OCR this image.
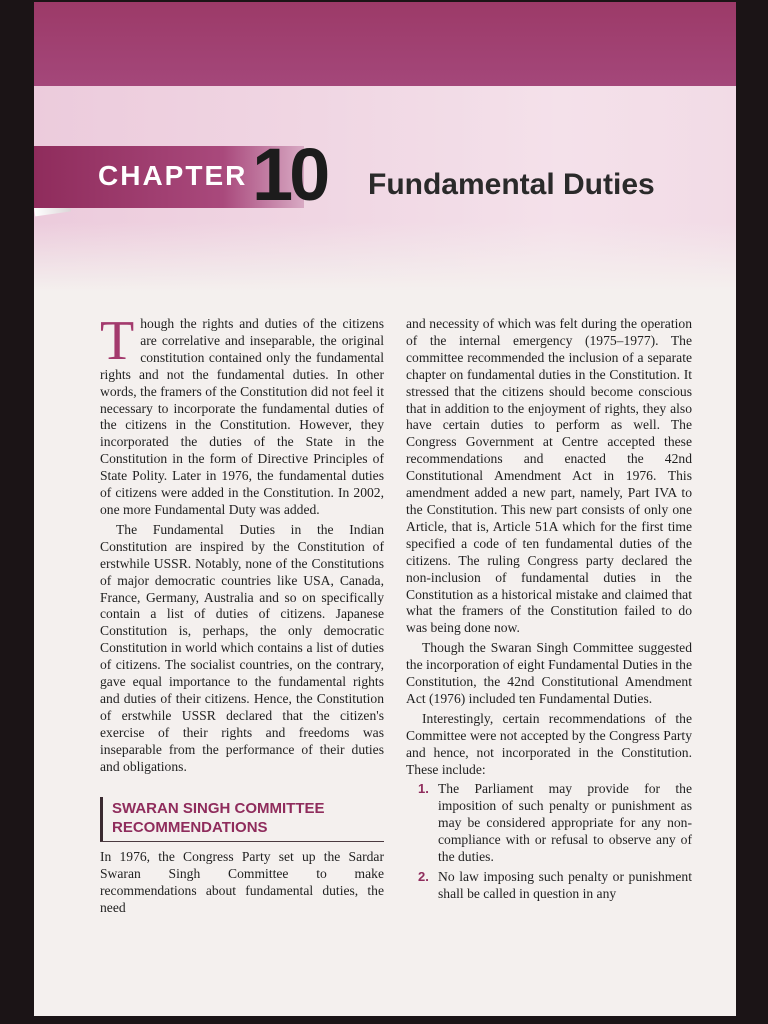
CHAPTER 10 Fundamental Duties

Though the rights and duties of the citizens are correlative and inseparable, the original constitution contained only the fundamental rights and not the fundamental duties. In other words, the framers of the Constitution did not feel it necessary to incorporate the fundamental duties of the citizens in the Constitution. However, they incorporated the duties of the State in the Constitution in the form of Directive Principles of State Polity. Later in 1976, the fundamental duties of citizens were added in the Constitution. In 2002, one more Fundamental Duty was added.

The Fundamental Duties in the Indian Constitution are inspired by the Constitution of erstwhile USSR. Notably, none of the Constitutions of major democratic countries like USA, Canada, France, Germany, Australia and so on specifically contain a list of duties of citizens. Japanese Constitution is, perhaps, the only democratic Constitution in world which contains a list of duties of citizens. The socialist countries, on the contrary, gave equal importance to the fundamental rights and duties of their citizens. Hence, the Constitution of erstwhile USSR declared that the citizen's exercise of their rights and freedoms was inseparable from the performance of their duties and obligations.

SWARAN SINGH COMMITTEE
RECOMMENDATIONS

In 1976, the Congress Party set up the Sardar Swaran Singh Committee to make recommendations about fundamental duties, the need

and necessity of which was felt during the operation of the internal emergency (1975–1977). The committee recommended the inclusion of a separate chapter on fundamental duties in the Constitution. It stressed that the citizens should become conscious that in addition to the enjoyment of rights, they also have certain duties to perform as well. The Congress Government at Centre accepted these recommendations and enacted the 42nd Constitutional Amendment Act in 1976. This amendment added a new part, namely, Part IVA to the Constitution. This new part consists of only one Article, that is, Article 51A which for the first time specified a code of ten fundamental duties of the citizens. The ruling Congress party declared the non-inclusion of fundamental duties in the Constitution as a historical mistake and claimed that what the framers of the Constitution failed to do was being done now.

Though the Swaran Singh Committee suggested the incorporation of eight Fundamental Duties in the Constitution, the 42nd Constitutional Amendment Act (1976) included ten Fundamental Duties.

Interestingly, certain recommendations of the Committee were not accepted by the Congress Party and hence, not incorporated in the Constitution. These include:

1. The Parliament may provide for the imposition of such penalty or punishment as may be considered appropriate for any non-compliance with or refusal to observe any of the duties.
2. No law imposing such penalty or punishment shall be called in question in any
